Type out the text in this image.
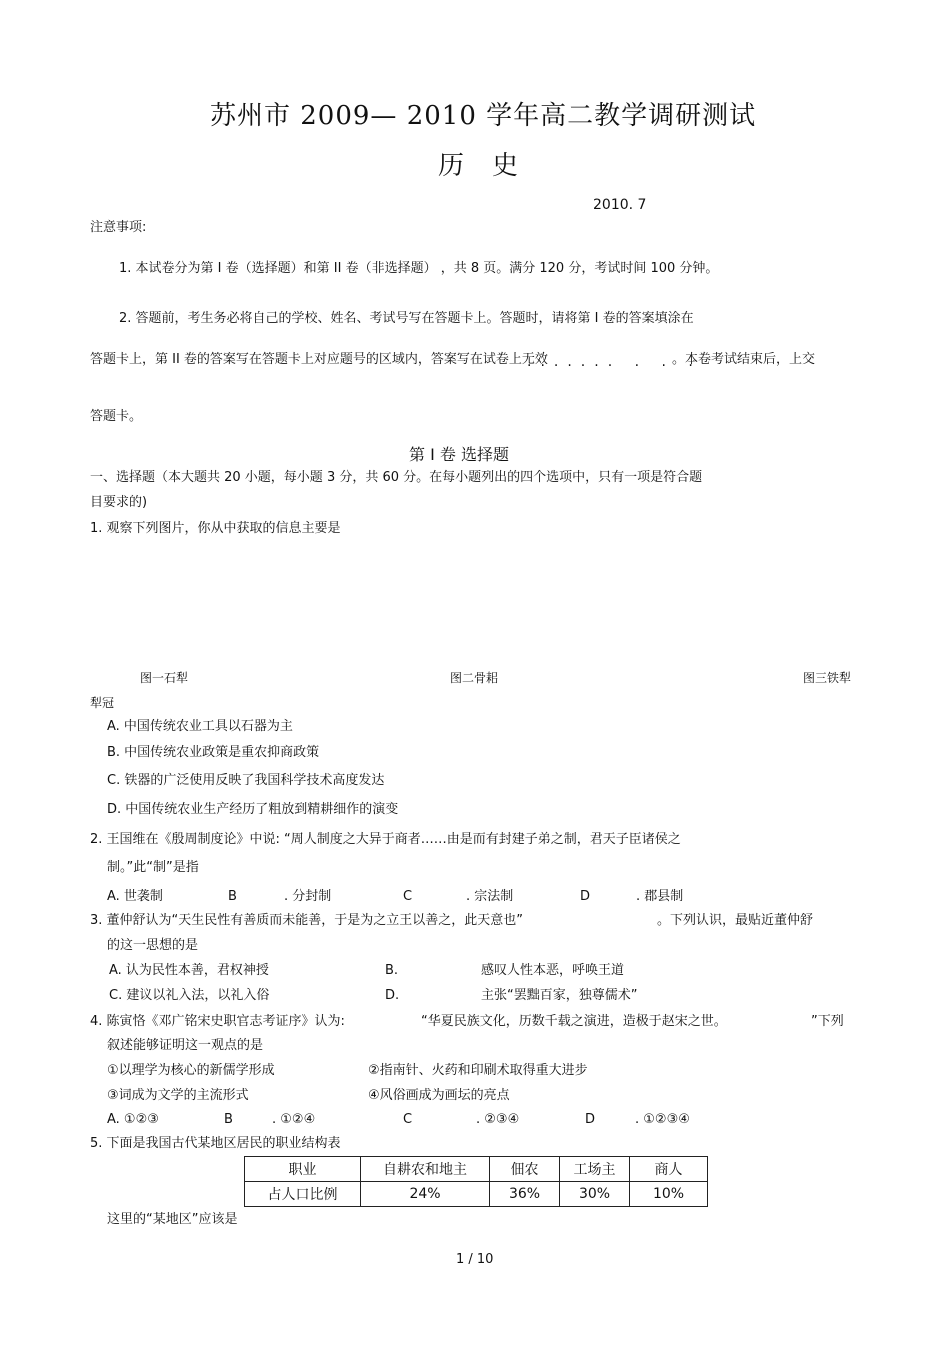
苏州市 2009— 2010 学年高二教学调研测试
历史
2010. 7
注意事项:
1. 本试卷分为第 I 卷（选择题）和第 II 卷（非选择题） ，共 8 页。满分 120 分，考试时间 100 分钟。
2. 答题前，考生务必将自己的学校、姓名、考试号写在答题卡上。答题时，请将第 I 卷的答案填涂在
答题卡上，第 II 卷的答案写在答题卡上对应题号的区域内，答案写在试卷上无效
······· · · ·
。本卷考试结束后，上交
答题卡。
第 I 卷 选择题
一、选择题（本大题共 20 小题，每小题 3 分，共 60 分。在每小题列出的四个选项中，只有一项是符合题
目要求的)
1. 观察下列图片，你从中获取的信息主要是
图一石犁	图二骨耜	图三铁犁
犁冠
A. 中国传统农业工具以石器为主
B. 中国传统农业政策是重农抑商政策
C. 铁器的广泛使用反映了我国科学技术高度发达
D. 中国传统农业生产经历了粗放到精耕细作的演变
2. 王国维在《殷周制度论》中说: “周人制度之大异于商者……由是而有封建子弟之制，君天子臣诸侯之
制。”此“制”是指
A. 世袭制	B	. 分封制	C	. 宗法制	D	. 郡县制
3. 董仲舒认为“天生民性有善质而未能善，于是为之立王以善之，此天意也”	。下列认识，最贴近董仲舒
的这一思想的是
A. 认为民性本善，君权神授	B.	感叹人性本恶，呼唤王道
C. 建议以礼入法，以礼入俗	D.	主张“罢黜百家，独尊儒术”
4. 陈寅恪《邓广铭宋史职官志考证序》认为:	“华夏民族文化，历数千载之演进，造极于赵宋之世。	”下列
叙述能够证明这一观点的是
①以理学为核心的新儒学形成	②指南针、火药和印刷术取得重大进步
③词成为文学的主流形式	④风俗画成为画坛的亮点
A. ①②③	B	. ①②④	C	. ②③④	D	. ①②③④
5. 下面是我国古代某地区居民的职业结构表
职业	自耕农和地主	佃农	工场主	商人
占人口比例	24%	36%	30%	10%
这里的“某地区”应该是
1 / 10
